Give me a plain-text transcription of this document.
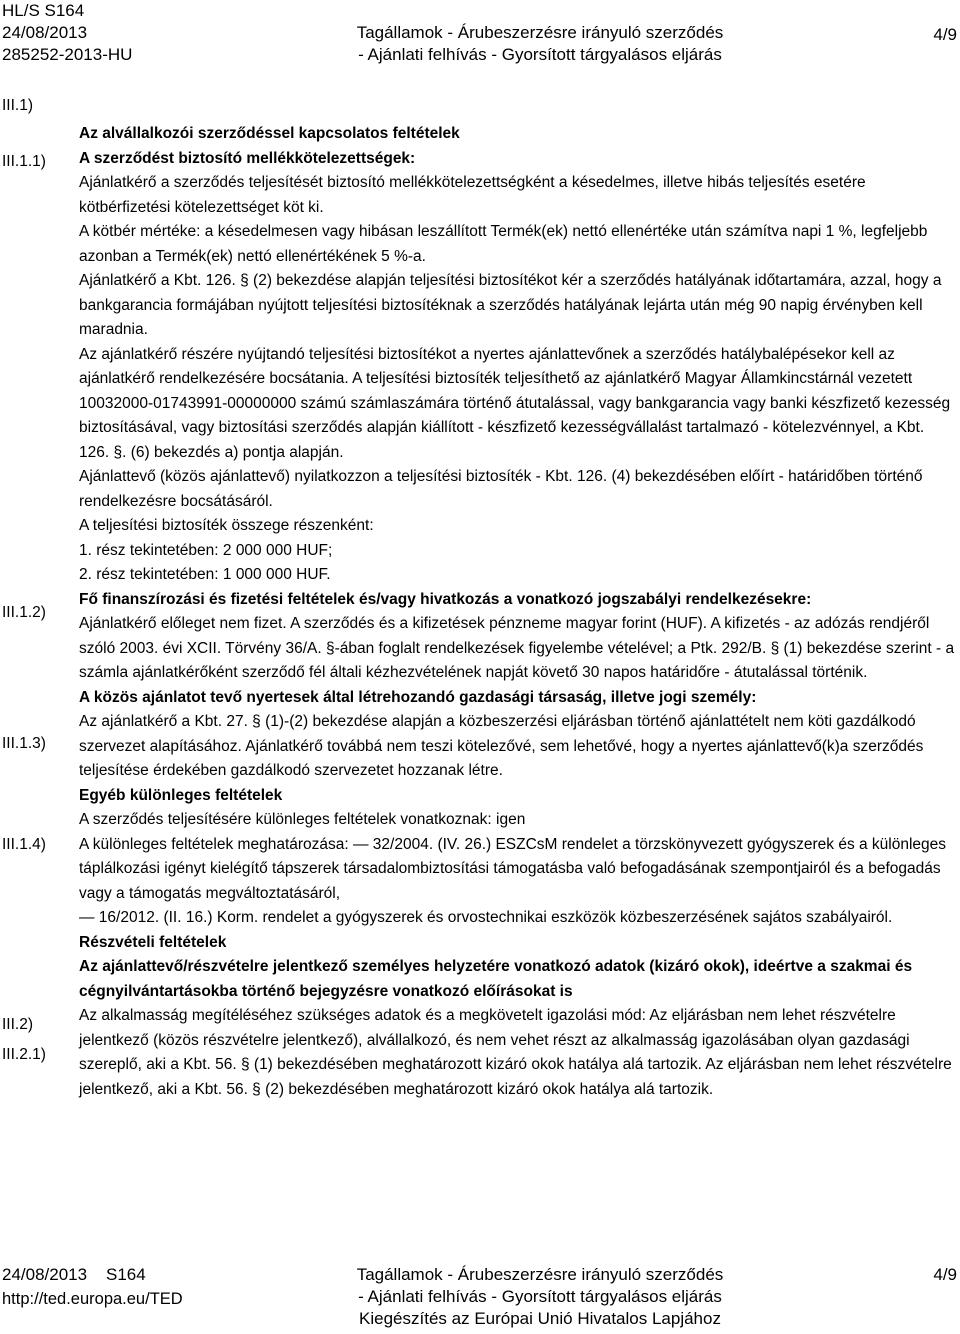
HL/S S164
24/08/2013
285252-2013-HU
Tagállamok - Árubeszerzésre irányuló szerződés
- Ajánlati felhívás - Gyorsított tárgyalásos eljárás
4/9
III.1)
III.1.1)
III.1.2)
III.1.3)
III.1.4)
III.2)
III.2.1)

Az alvállalkozói szerződéssel kapcsolatos feltételek

A szerződést biztosító mellékkötelezettségek:

Ajánlatkérő a szerződés teljesítését biztosító mellékkötelezettségként a késedelmes, illetve hibás teljesítés esetére kötbérfizetési kötelezettséget köt ki.

A kötbér mértéke: a késedelmesen vagy hibásan leszállított Termék(ek) nettó ellenértéke után számítva napi 1 %, legfeljebb azonban a Termék(ek) nettó ellenértékének 5 %-a.

Ajánlatkérő a Kbt. 126. § (2) bekezdése alapján teljesítési biztosítékot kér a szerződés hatályának időtartamára, azzal, hogy a bankgarancia formájában nyújtott teljesítési biztosítéknak a szerződés hatályának lejárta után még 90 napig érvényben kell maradnia.

Az ajánlatkérő részére nyújtandó teljesítési biztosítékot a nyertes ajánlattevőnek a szerződés hatálybalépésekor kell az ajánlatkérő rendelkezésére bocsátania. A teljesítési biztosíték teljesíthető az ajánlatkérő Magyar Államkincstárnál vezetett 10032000-01743991-00000000 számú számlaszámára történő átutalással, vagy bankgarancia vagy banki készfizető kezesség biztosításával, vagy biztosítási szerződés alapján kiállított - készfizető kezességvállalást tartalmazó - kötelezvénnyel, a Kbt. 126. §. (6) bekezdés a) pontja alapján.

Ajánlattevő (közös ajánlattevő) nyilatkozzon a teljesítési biztosíték - Kbt. 126. (4) bekezdésében előírt - határidőben történő rendelkezésre bocsátásáról.

A teljesítési biztosíték összege részenként:

1. rész tekintetében: 2 000 000 HUF;

2. rész tekintetében: 1 000 000 HUF.

Fő finanszírozási és fizetési feltételek és/vagy hivatkozás a vonatkozó jogszabályi rendelkezésekre:

Ajánlatkérő előleget nem fizet. A szerződés és a kifizetések pénzneme magyar forint (HUF). A kifizetés - az adózás rendjéről szóló 2003. évi XCII. Törvény 36/A. §-ában foglalt rendelkezések figyelembe vételével; a Ptk. 292/B. § (1) bekezdése szerint - a számla ajánlatkérőként szerződő fél általi kézhezvételének napját követő 30 napos határidőre - átutalással történik.

A közös ajánlatot tevő nyertesek által létrehozandó gazdasági társaság, illetve jogi személy:

Az ajánlatkérő a Kbt. 27. § (1)-(2) bekezdése alapján a közbeszerzési eljárásban történő ajánlattételt nem köti gazdálkodó szervezet alapításához. Ajánlatkérő továbbá nem teszi kötelezővé, sem lehetővé, hogy a nyertes ajánlattevő(k)a szerződés teljesítése érdekében gazdálkodó szervezetet hozzanak létre.

Egyéb különleges feltételek

A szerződés teljesítésére különleges feltételek vonatkoznak: igen

A különleges feltételek meghatározása: — 32/2004. (IV. 26.) ESZCsM rendelet a törzskönyvezett gyógyszerek és a különleges táplálkozási igényt kielégítő tápszerek társadalombiztosítási támogatásba való befogadásának szempontjairól és a befogadás vagy a támogatás megváltoztatásáról,

— 16/2012. (II. 16.) Korm. rendelet a gyógyszerek és orvostechnikai eszközök közbeszerzésének sajátos szabályairól.

Részvételi feltételek

Az ajánlattevő/részvételre jelentkező személyes helyzetére vonatkozó adatok (kizáró okok), ideértve a szakmai és cégnyilvántartásokba történő bejegyzésre vonatkozó előírásokat is

Az alkalmasság megítéléséhez szükséges adatok és a megkövetelt igazolási mód: Az eljárásban nem lehet részvételre jelentkező (közös részvételre jelentkező), alvállalkozó, és nem vehet részt az alkalmasság igazolásában olyan gazdasági szereplő, aki a Kbt. 56. § (1) bekezdésében meghatározott kizáró okok hatálya alá tartozik. Az eljárásban nem lehet részvételre jelentkező, aki a Kbt. 56. § (2) bekezdésében meghatározott kizáró okok hatálya alá tartozik.

24/08/2013 S164
http://ted.europa.eu/TED
Tagállamok - Árubeszerzésre irányuló szerződés
- Ajánlati felhívás - Gyorsított tárgyalásos eljárás
Kiegészítés az Európai Unió Hivatalos Lapjához
4/9
